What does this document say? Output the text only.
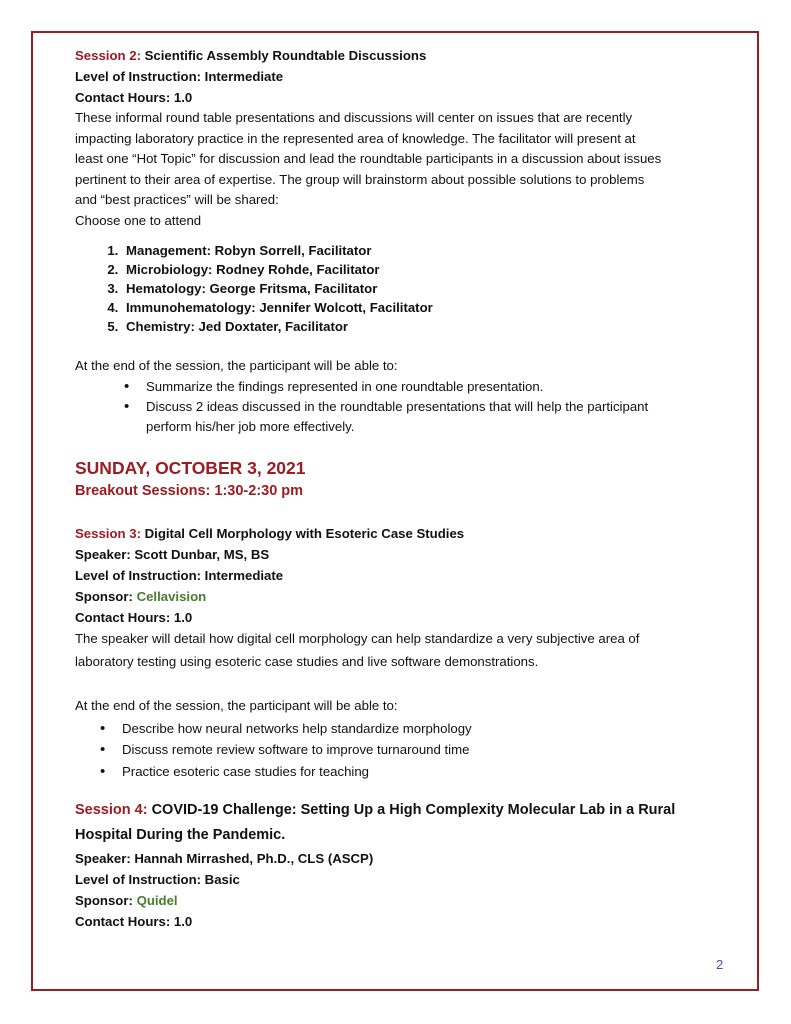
Session 2: Scientific Assembly Roundtable Discussions

Level of Instruction: Intermediate

Contact Hours: 1.0

These informal round table presentations and discussions will center on issues that are recently

impacting laboratory practice in the represented area of knowledge. The facilitator will present at

least one “Hot Topic” for discussion and lead the roundtable participants in a discussion about issues

pertinent to their area of expertise. The group will brainstorm about possible solutions to problems

and “best practices” will be shared:

Choose one to attend

1. Management: Robyn Sorrell, Facilitator
2. Microbiology: Rodney Rohde, Facilitator
3. Hematology: George Fritsma, Facilitator
4. Immunohematology: Jennifer Wolcott, Facilitator
5. Chemistry: Jed Doxtater, Facilitator

At the end of the session, the participant will be able to:

• Summarize the findings represented in one roundtable presentation.
• Discuss 2 ideas discussed in the roundtable presentations that will help the participant

perform his/her job more effectively.

SUNDAY, OCTOBER 3, 2021

Breakout Sessions: 1:30-2:30 pm

Session 3: Digital Cell Morphology with Esoteric Case Studies

Speaker: Scott Dunbar, MS, BS

Level of Instruction: Intermediate

Sponsor: Cellavision

Contact Hours: 1.0

The speaker will detail how digital cell morphology can help standardize a very subjective area of

laboratory testing using esoteric case studies and live software demonstrations.

At the end of the session, the participant will be able to:

• Describe how neural networks help standardize morphology
• Discuss remote review software to improve turnaround time
• Practice esoteric case studies for teaching

Session 4: COVID-19 Challenge: Setting Up a High Complexity Molecular Lab in a Rural

Hospital During the Pandemic.

Speaker: Hannah Mirrashed, Ph.D., CLS (ASCP)

Level of Instruction: Basic

Sponsor: Quidel

Contact Hours: 1.0

2
